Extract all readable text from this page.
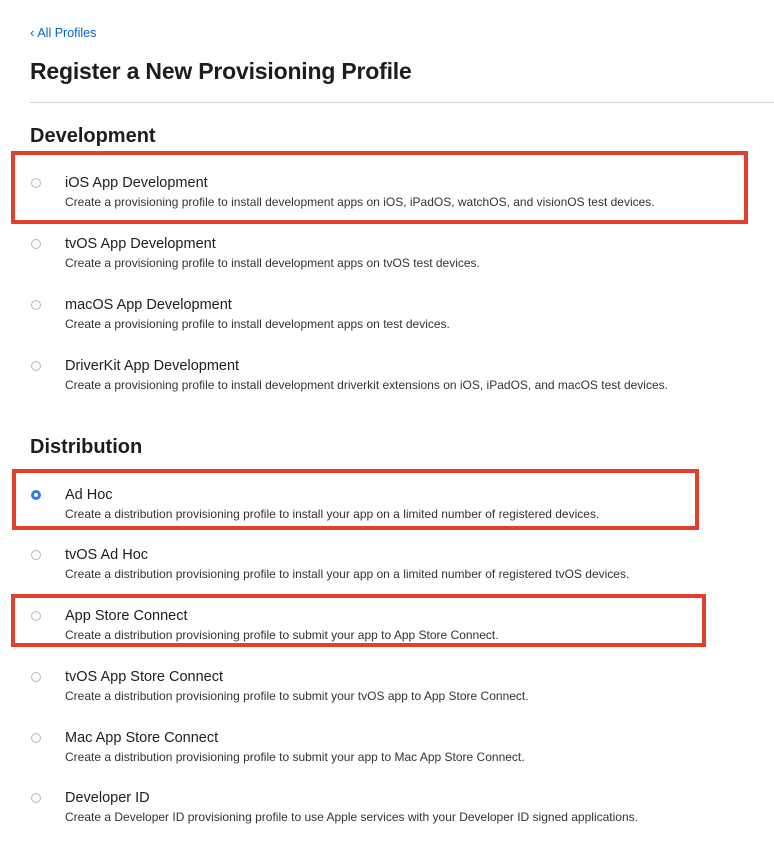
‹ All Profiles
Register a New Provisioning Profile
Development
iOS App Development
Create a provisioning profile to install development apps on iOS, iPadOS, watchOS, and visionOS test devices.
tvOS App Development
Create a provisioning profile to install development apps on tvOS test devices.
macOS App Development
Create a provisioning profile to install development apps on test devices.
DriverKit App Development
Create a provisioning profile to install development driverkit extensions on iOS, iPadOS, and macOS test devices.
Distribution
Ad Hoc
Create a distribution provisioning profile to install your app on a limited number of registered devices.
tvOS Ad Hoc
Create a distribution provisioning profile to install your app on a limited number of registered tvOS devices.
App Store Connect
Create a distribution provisioning profile to submit your app to App Store Connect.
tvOS App Store Connect
Create a distribution provisioning profile to submit your tvOS app to App Store Connect.
Mac App Store Connect
Create a distribution provisioning profile to submit your app to Mac App Store Connect.
Developer ID
Create a Developer ID provisioning profile to use Apple services with your Developer ID signed applications.
